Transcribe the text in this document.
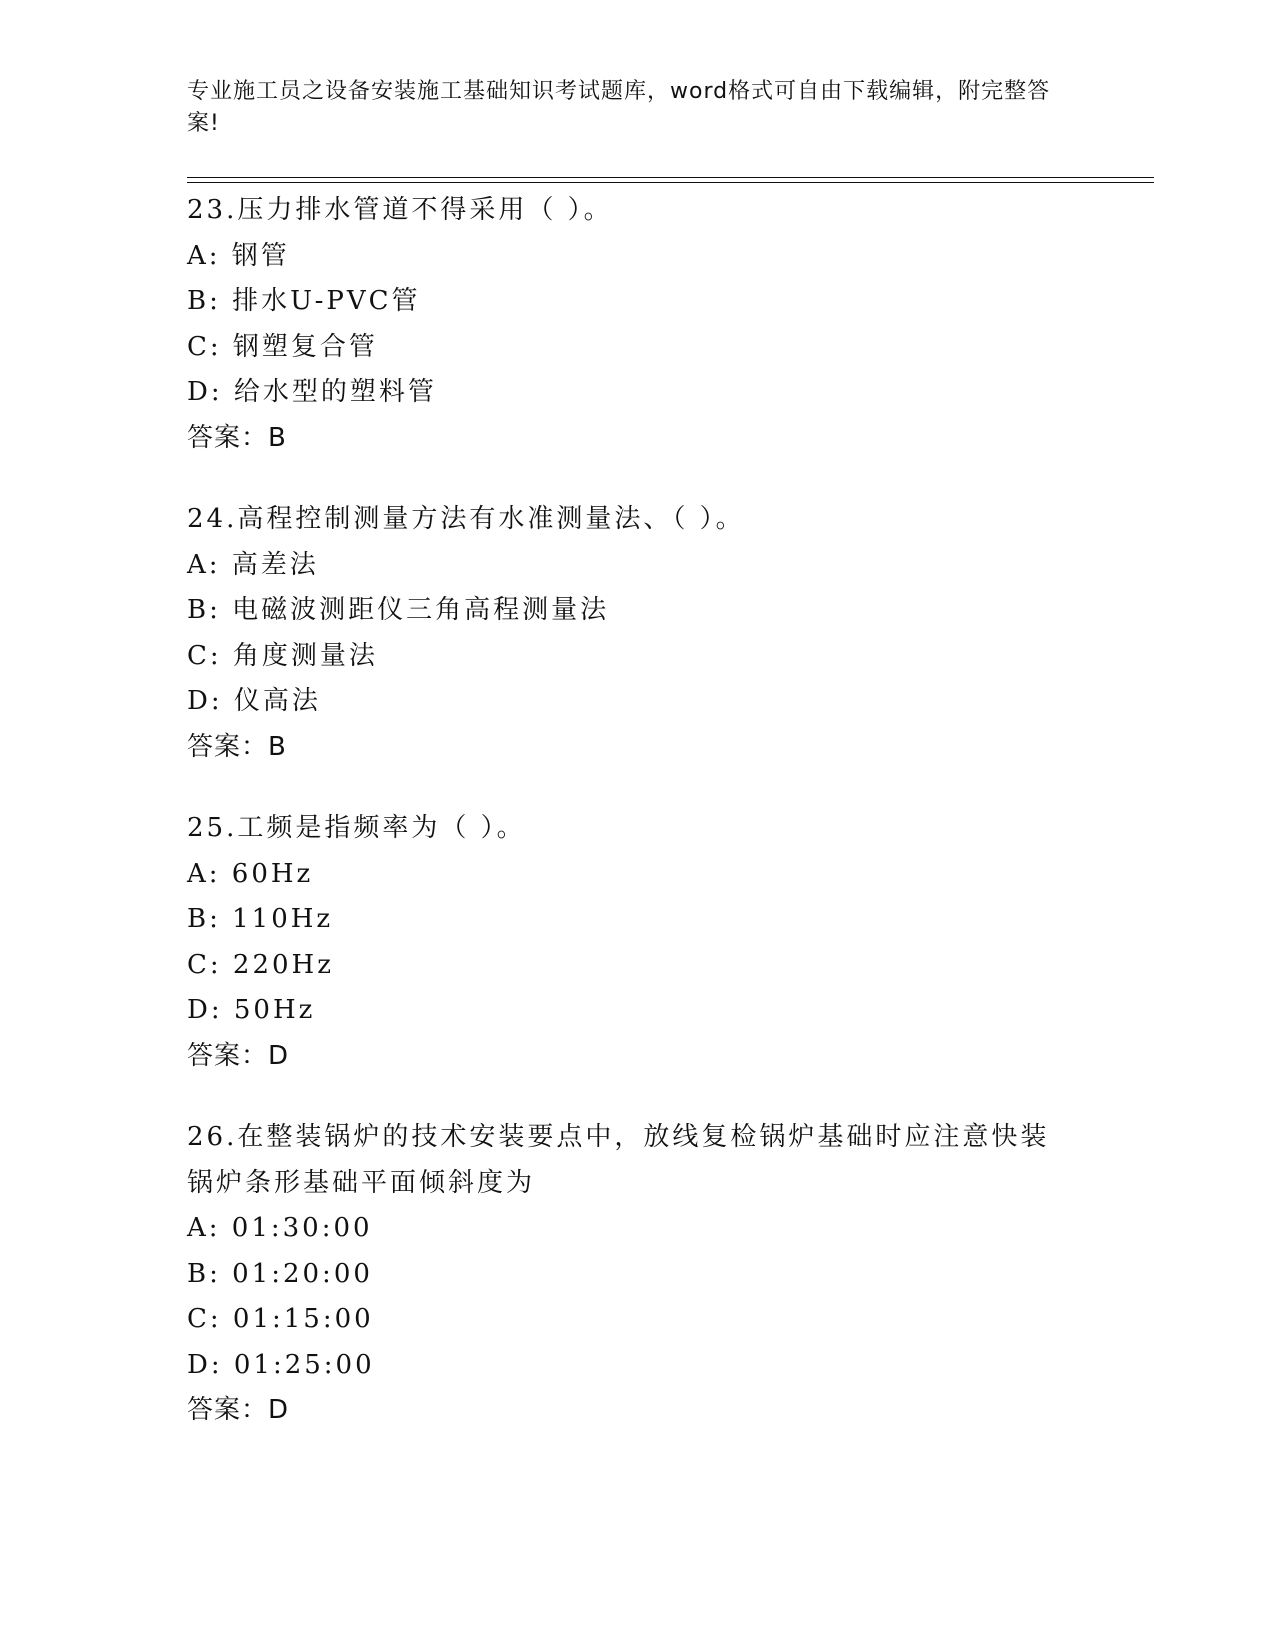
专业施工员之设备安装施工基础知识考试题库，word格式可自由下载编辑，附完整答案!
23.压力排水管道不得采用（ ）。
A: 钢管
B: 排水U-PVC管
C: 钢塑复合管
D: 给水型的塑料管
答案：B
24.高程控制测量方法有水准测量法、（ ）。
A: 高差法
B: 电磁波测距仪三角高程测量法
C: 角度测量法
D: 仪高法
答案：B
25.工频是指频率为（ ）。
A: 60Hz
B: 110Hz
C: 220Hz
D: 50Hz
答案：D
26.在整装锅炉的技术安装要点中，放线复检锅炉基础时应注意快装锅炉条形基础平面倾斜度为
A: 01:30:00
B: 01:20:00
C: 01:15:00
D: 01:25:00
答案：D
